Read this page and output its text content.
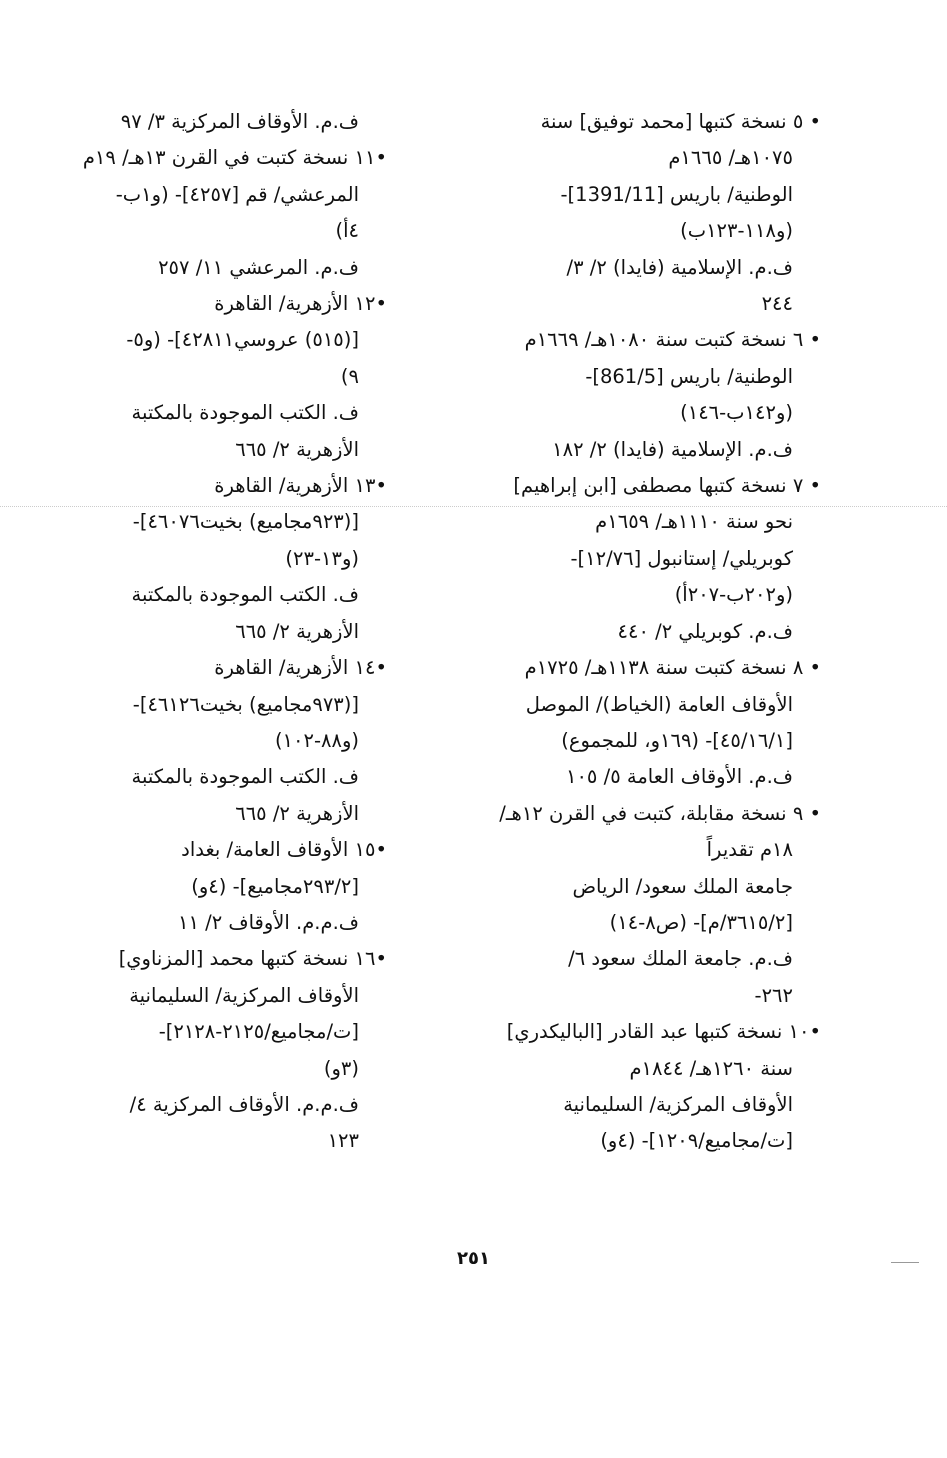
• ٥ نسخة كتبها [محمد توفيق] سنة
١٠٧٥هـ/ ١٦٦٥م
الوطنية/ باريس [1391/11]-
(و١١٨-١٢٣ب)
ف.م. الإسلامية (فايدا) ٢/ ٣/
٢٤٤
• ٦ نسخة كتبت سنة ١٠٨٠هـ/ ١٦٦٩م
الوطنية/ باريس [861/5]-
(و١٤٢ب-١٤٦)
ف.م. الإسلامية (فايدا) ٢/ ١٨٢
• ٧ نسخة كتبها مصطفى [ابن إبراهيم]
نحو سنة ١١١٠هـ/ ١٦٥٩م
كوبريلي/ إستانبول [١٢/٧٦]-
(و٢٠٢ب-٢٠٧أ)
ف.م. كوبريلي ٢/ ٤٤٠
• ٨ نسخة كتبت سنة ١١٣٨هـ/ ١٧٢٥م
الأوقاف العامة (الخياط)/ الموصل
[٤٥/١٦/١]- (١٦٩و، للمجموع)
ف.م. الأوقاف العامة ٥/ ١٠٥
• ٩ نسخة مقابلة، كتبت في القرن ١٢هـ/
١٨م تقديراً
جامعة الملك سعود/ الرياض
[٣٦١٥/٢/م]- (ص٨-١٤)
ف.م. جامعة الملك سعود ٦/
٢٦٢-
•١٠ نسخة كتبها عبد القادر [الباليكدري]
سنة ١٢٦٠هـ/ ١٨٤٤م
الأوقاف المركزية/ السليمانية
[ت/مجاميع/١٢٠٩]- (٤و)
ف.م. الأوقاف المركزية ٣/ ٩٧
•١١ نسخة كتبت في القرن ١٣هـ/ ١٩م
المرعشي/ قم [٤٢٥٧]- (و١ب-
٤أ)
ف.م. المرعشي ١١/ ٢٥٧
•١٢ الأزهرية/ القاهرة
[(٥١٥) عروسي٤٢٨١١]- (و٥-
٩)
ف. الكتب الموجودة بالمكتبة
الأزهرية ٢/ ٦٦٥
•١٣ الأزهرية/ القاهرة
[(٩٢٣مجاميع) بخيت٤٦٠٧٦]-
(و١٣-٢٣)
ف. الكتب الموجودة بالمكتبة
الأزهرية ٢/ ٦٦٥
•١٤ الأزهرية/ القاهرة
[(٩٧٣مجاميع) بخيت٤٦١٢٦]-
(و٨٨-١٠٢)
ف. الكتب الموجودة بالمكتبة
الأزهرية ٢/ ٦٦٥
•١٥ الأوقاف العامة/ بغداد
[٢٩٣/٢مجاميع]- (٤و)
ف.م.م. الأوقاف ٢/ ١١
•١٦ نسخة كتبها محمد [المزناوي]
الأوقاف المركزية/ السليمانية
[ت/مجاميع/٢١٢٥-٢١٢٨]-
(٣و)
ف.م.م. الأوقاف المركزية ٤/
١٢٣
٢٥١
